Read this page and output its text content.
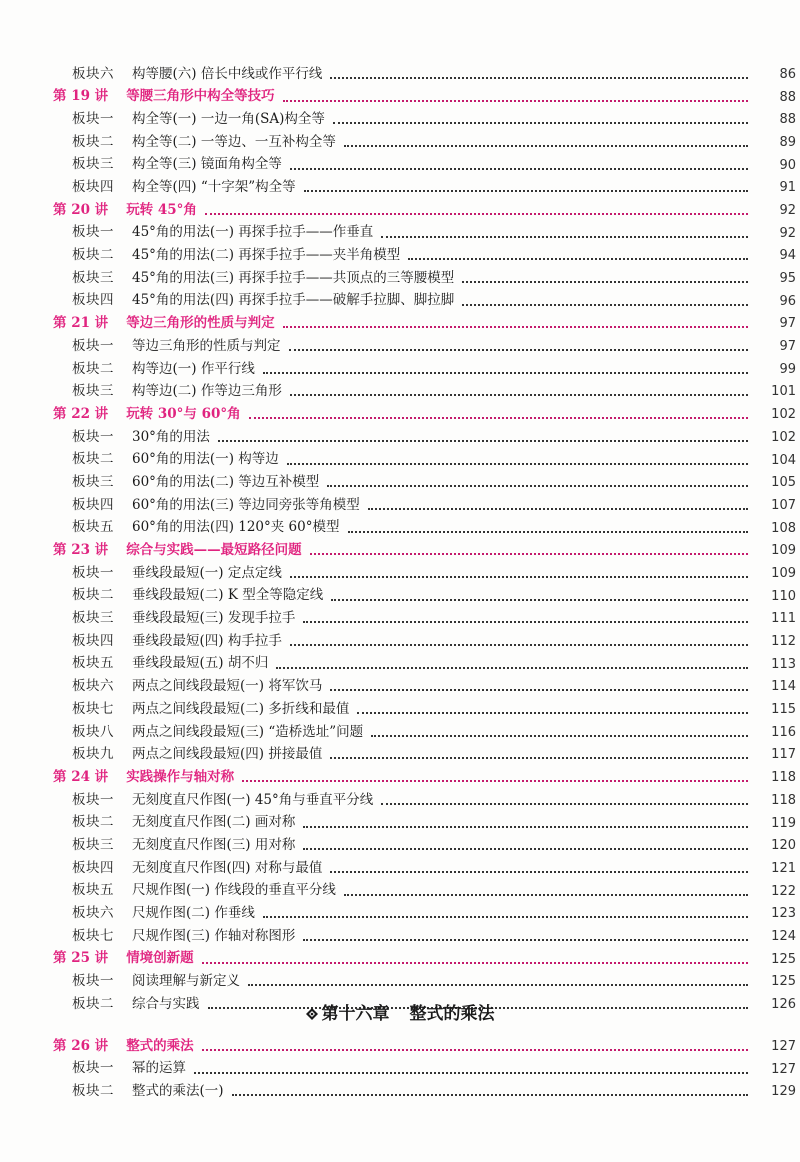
板块六 构等腰(六) 倍长中线或作平行线	86
第 19 讲 等腰三角形中构全等技巧	88
板块一 构全等(一) 一边一角(SA)构全等	88
板块二 构全等(二) 一等边、一互补构全等	89
板块三 构全等(三) 镜面角构全等	90
板块四 构全等(四) “十字架”构全等	91
第 20 讲 玩转 45°角	92
板块一 45°角的用法(一) 再探手拉手——作垂直	92
板块二 45°角的用法(二) 再探手拉手——夹半角模型	94
板块三 45°角的用法(三) 再探手拉手——共顶点的三等腰模型	95
板块四 45°角的用法(四) 再探手拉手——破解手拉脚、脚拉脚	96
第 21 讲 等边三角形的性质与判定	97
板块一 等边三角形的性质与判定	97
板块二 构等边(一) 作平行线	99
板块三 构等边(二) 作等边三角形	101
第 22 讲 玩转 30°与 60°角	102
板块一 30°角的用法	102
板块二 60°角的用法(一) 构等边	104
板块三 60°角的用法(二) 等边互补模型	105
板块四 60°角的用法(三) 等边同旁张等角模型	107
板块五 60°角的用法(四) 120°夹 60°模型	108
第 23 讲 综合与实践——最短路径问题	109
板块一 垂线段最短(一) 定点定线	109
板块二 垂线段最短(二) K 型全等隐定线	110
板块三 垂线段最短(三) 发现手拉手	111
板块四 垂线段最短(四) 构手拉手	112
板块五 垂线段最短(五) 胡不归	113
板块六 两点之间线段最短(一) 将军饮马	114
板块七 两点之间线段最短(二) 多折线和最值	115
板块八 两点之间线段最短(三) “造桥选址”问题	116
板块九 两点之间线段最短(四) 拼接最值	117
第 24 讲 实践操作与轴对称	118
板块一 无刻度直尺作图(一) 45°角与垂直平分线	118
板块二 无刻度直尺作图(二) 画对称	119
板块三 无刻度直尺作图(三) 用对称	120
板块四 无刻度直尺作图(四) 对称与最值	121
板块五 尺规作图(一) 作线段的垂直平分线	122
板块六 尺规作图(二) 作垂线	123
板块七 尺规作图(三) 作轴对称图形	124
第 25 讲 情境创新题	125
板块一 阅读理解与新定义	125
板块二 综合与实践	126
第十六章 整式的乘法
第 26 讲 整式的乘法	127
板块一 幂的运算	127
板块二 整式的乘法(一)	129
